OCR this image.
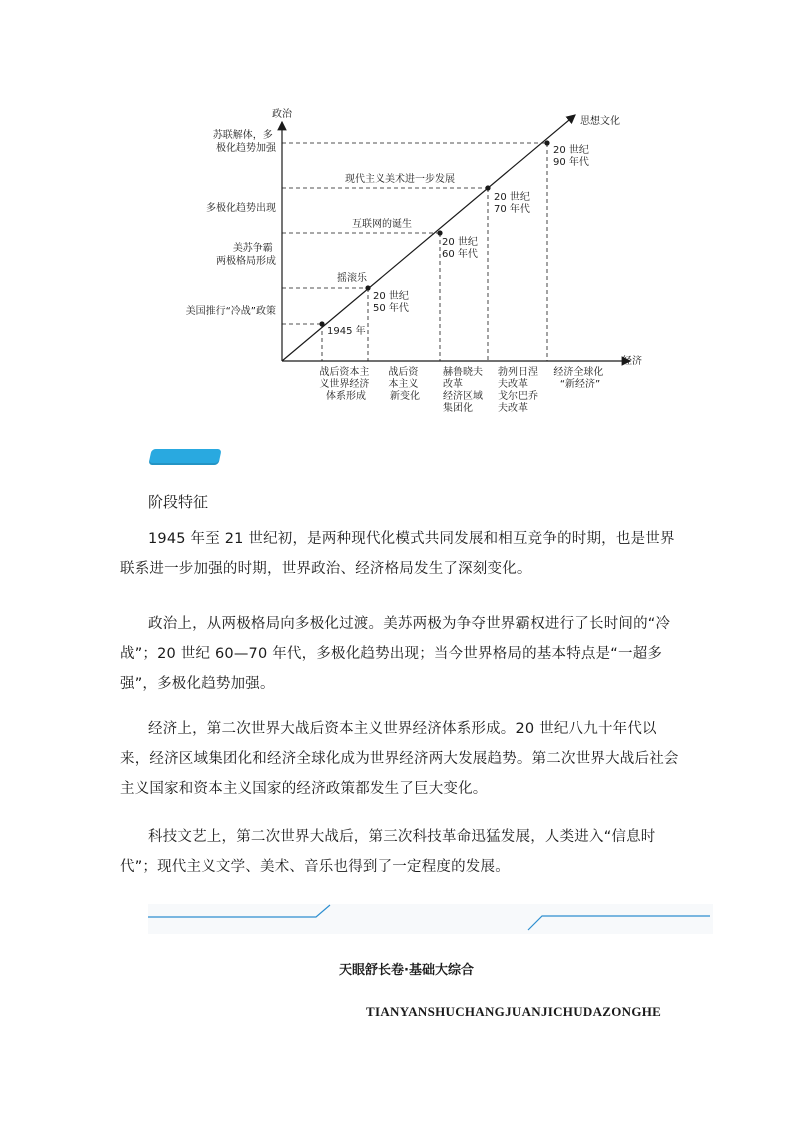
政治
经济
思想文化
苏联解体，多 极化趋势加强
多极化趋势出现
美苏争霸 两极格局形成
美国推行“冷战”政策
现代主义美术进一步发展
互联网的诞生
摇滚乐
1945 年
20 世纪 50 年代
20 世纪 60 年代
20 世纪 70 年代
20 世纪 90 年代
战后资本主 义世界经济 体系形成
战后资 本主义 新变化
赫鲁晓夫 改革 经济区域 集团化
勃列日涅 夫改革 戈尔巴乔 夫改革
经济全球化 “新经济”
阶段特征

1945 年至 21 世纪初，是两种现代化模式共同发展和相互竞争的时期，也是世界联系进一步加强的时期，世界政治、经济格局发生了深刻变化。

政治上，从两极格局向多极化过渡。美苏两极为争夺世界霸权进行了长时间的“冷战”；20 世纪 60—70 年代，多极化趋势出现；当今世界格局的基本特点是“一超多强”，多极化趋势加强。

经济上，第二次世界大战后资本主义世界经济体系形成。20 世纪八九十年代以来，经济区域集团化和经济全球化成为世界经济两大发展趋势。第二次世界大战后社会主义国家和资本主义国家的经济政策都发生了巨大变化。

科技文艺上，第二次世界大战后，第三次科技革命迅猛发展，人类进入“信息时代”；现代主义文学、美术、音乐也得到了一定程度的发展。

天眼舒长卷·基础大综合
TIANYANSHUCHANGJUANJICHUDAZONGHE
